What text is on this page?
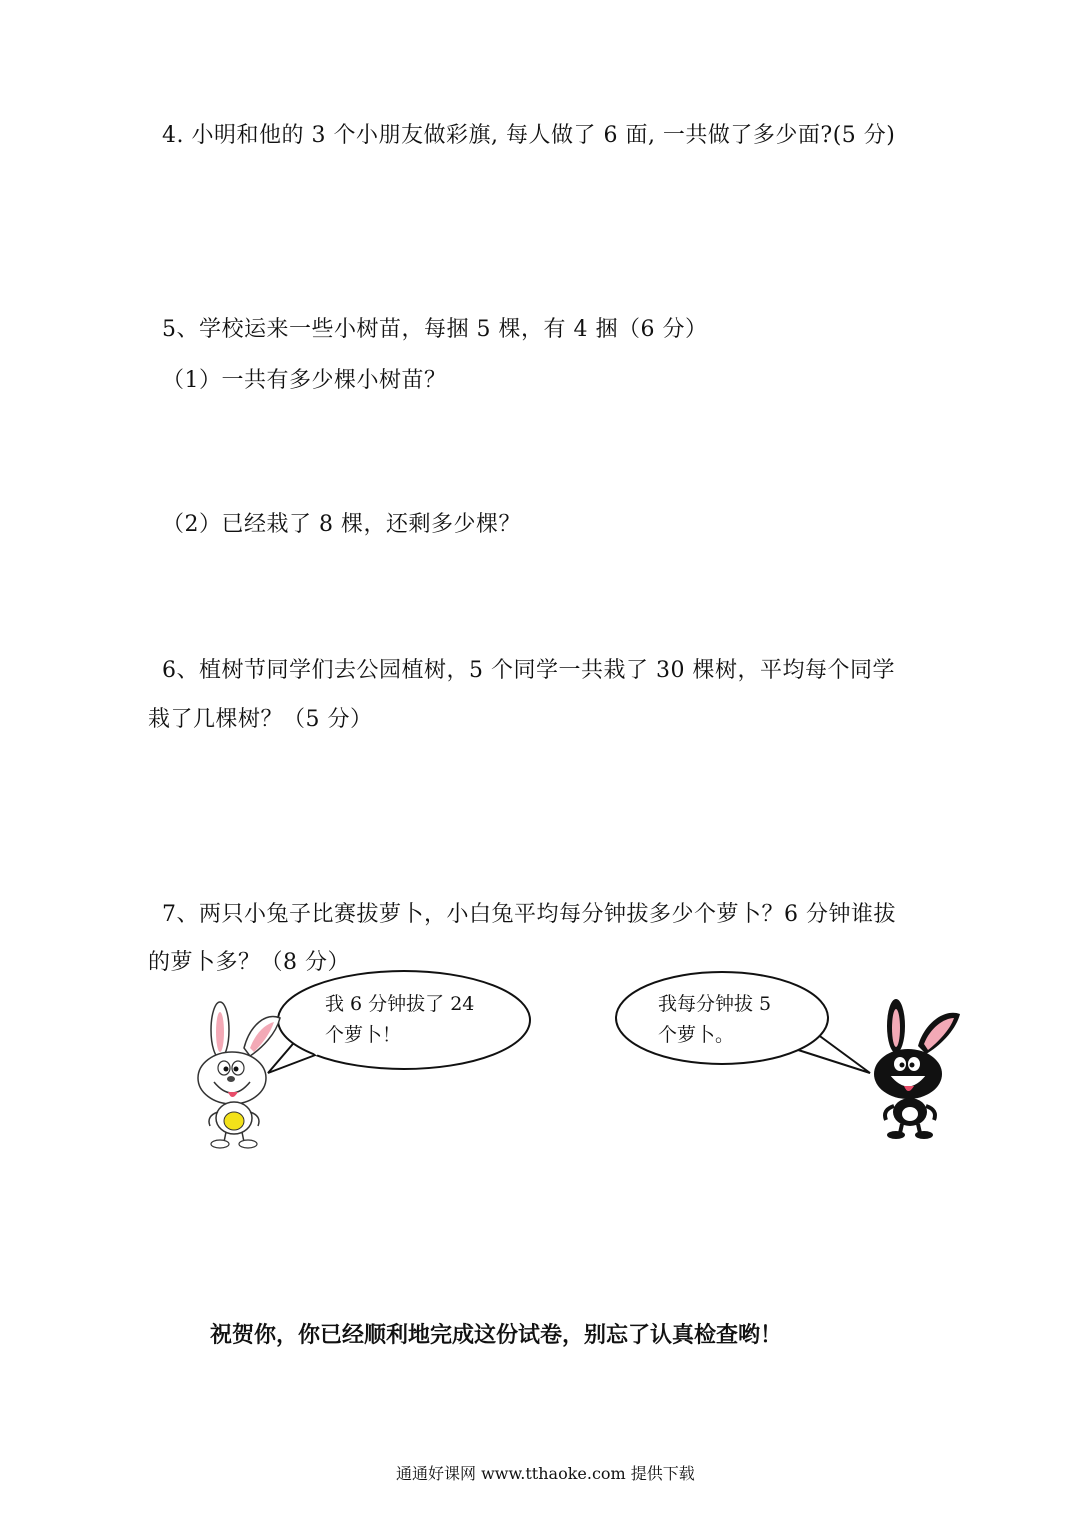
4. 小明和他的 3 个小朋友做彩旗, 每人做了 6 面, 一共做了多少面?(5 分)
5、学校运来一些小树苗，每捆 5 棵，有 4 捆（6 分）
（1）一共有多少棵小树苗？
（2）已经栽了 8 棵，还剩多少棵？
6、植树节同学们去公园植树，5 个同学一共栽了 30 棵树，平均每个同学
栽了几棵树？（5 分）
7、两只小兔子比赛拔萝卜，小白兔平均每分钟拔多少个萝卜？6 分钟谁拔
的萝卜多？（8 分）
我 6 分钟拔了 24
个萝卜！
我每分钟拔 5
个萝卜。
祝贺你，你已经顺利地完成这份试卷，别忘了认真检查哟！
通通好课网 www.tthaoke.com 提供下载
